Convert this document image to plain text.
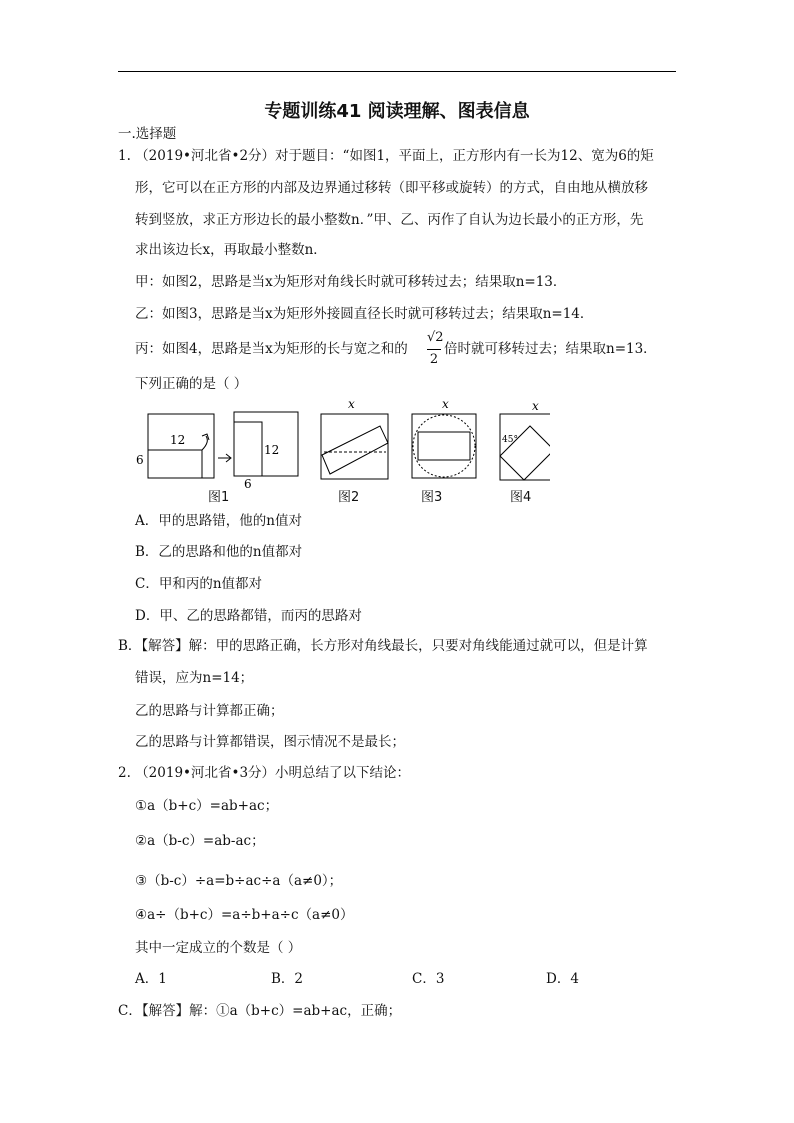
专题训练41 阅读理解、图表信息
一.选择题
1. （2019•河北省•2分）对于题目：“如图1，平面上，正方形内有一长为12、宽为6的矩
形，它可以在正方形的内部及边界通过移转（即平移或旋转）的方式，自由地从横放移
转到竖放，求正方形边长的最小整数n．”甲、乙、丙作了自认为边长最小的正方形，先
求出该边长x，再取最小整数n．
甲：如图2，思路是当x为矩形对角线长时就可移转过去；结果取n=13．
乙：如图3，思路是当x为矩形外接圆直径长时就可移转过去；结果取n=14．
丙：如图4，思路是当x为矩形的长与宽之和的
√2
2
倍时就可移转过去；结果取n=13．
下列正确的是（ ）
12
6
12
6
x	x	x
45°
图1	图2	图3	图4
A．甲的思路错，他的n值对
B．乙的思路和他的n值都对
C．甲和丙的n值都对
D．甲、乙的思路都错，而丙的思路对
B．【解答】解：甲的思路正确，长方形对角线最长，只要对角线能通过就可以，但是计算
错误，应为n=14；
乙的思路与计算都正确；
乙的思路与计算都错误，图示情况不是最长；
2. （2019•河北省•3分）小明总结了以下结论：
①a（b+c）=ab+ac；
②a（b-c）=ab-ac；
③（b-c）÷a=b÷ac÷a（a≠0）；
④a÷（b+c）=a÷b+a÷c（a≠0）
其中一定成立的个数是（ ）
A．1	B．2	C．3	D．4
C．【解答】解：①a（b+c）=ab+ac，正确；
